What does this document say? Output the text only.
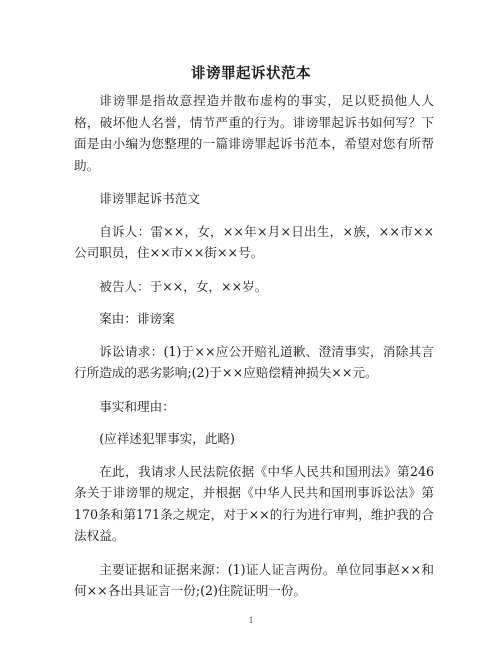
诽谤罪起诉状范本

诽谤罪是指故意捏造并散布虚构的事实，足以贬损他人人格，破坏他人名誉，情节严重的行为。诽谤罪起诉书如何写？下面是由小编为您整理的一篇诽谤罪起诉书范本，希望对您有所帮助。

诽谤罪起诉书范文

自诉人：雷××，女，××年×月×日出生，×族，××市××公司职员，住××市××街××号。

被告人：于××，女，××岁。

案由：诽谤案

诉讼请求：(1)于××应公开赔礼道歉、澄清事实，消除其言行所造成的恶劣影响;(2)于××应赔偿精神损失××元。

事实和理由：

(应祥述犯罪事实，此略)

在此，我请求人民法院依据《中华人民共和国刑法》第246条关于诽谤罪的规定，并根据《中华人民共和国刑事诉讼法》第170条和第171条之规定，对于××的行为进行审判，维护我的合法权益。

主要证据和证据来源：(1)证人证言两份。单位同事赵××和何××各出具证言一份;(2)住院证明一份。

1
